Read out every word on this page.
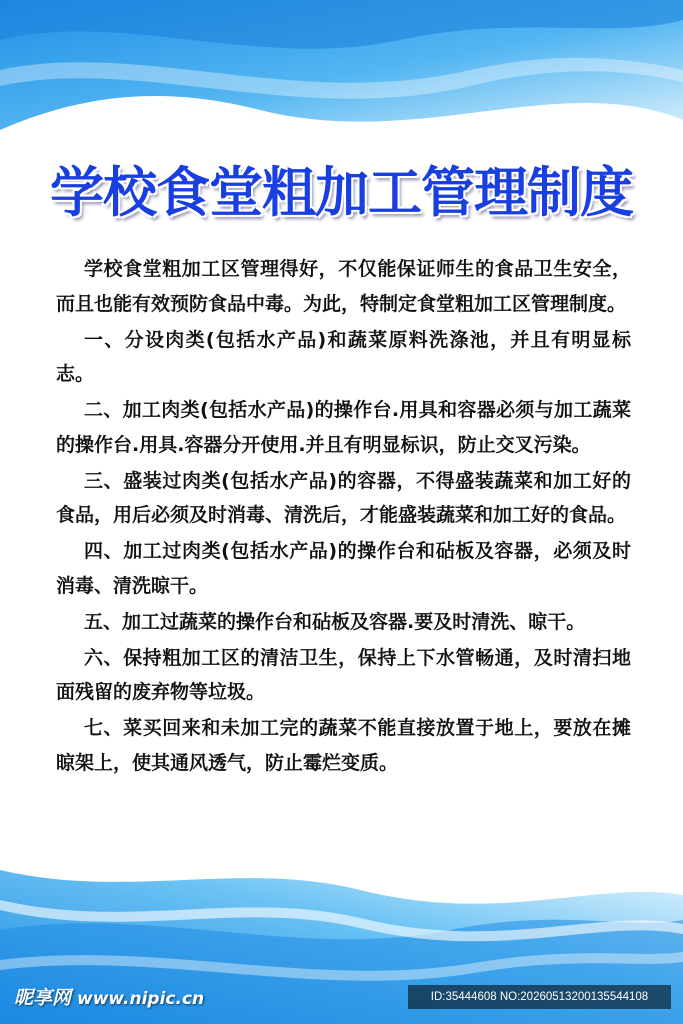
学校食堂粗加工管理制度

学校食堂粗加工区管理得好，不仅能保证师生的食品卫生安全，而且也能有效预防食品中毒。为此，特制定食堂粗加工区管理制度。

一、分设肉类(包括水产品)和蔬菜原料洗涤池，并且有明显标志。

二、加工肉类(包括水产品)的操作台.用具和容器必须与加工蔬菜的操作台.用具.容器分开使用.并且有明显标识，防止交叉污染。

三、盛装过肉类(包括水产品)的容器，不得盛装蔬菜和加工好的食品，用后必须及时消毒、清洗后，才能盛装蔬菜和加工好的食品。

四、加工过肉类(包括水产品)的操作台和砧板及容器，必须及时消毒、清洗晾干。

五、加工过蔬菜的操作台和砧板及容器.要及时清洗、晾干。

六、保持粗加工区的清洁卫生，保持上下水管畅通，及时清扫地面残留的废弃物等垃圾。

七、菜买回来和未加工完的蔬菜不能直接放置于地上，要放在摊晾架上，使其通风透气，防止霉烂变质。

昵享网 www.nipic.cn	ID:35444608 NO:20260513200135544108
